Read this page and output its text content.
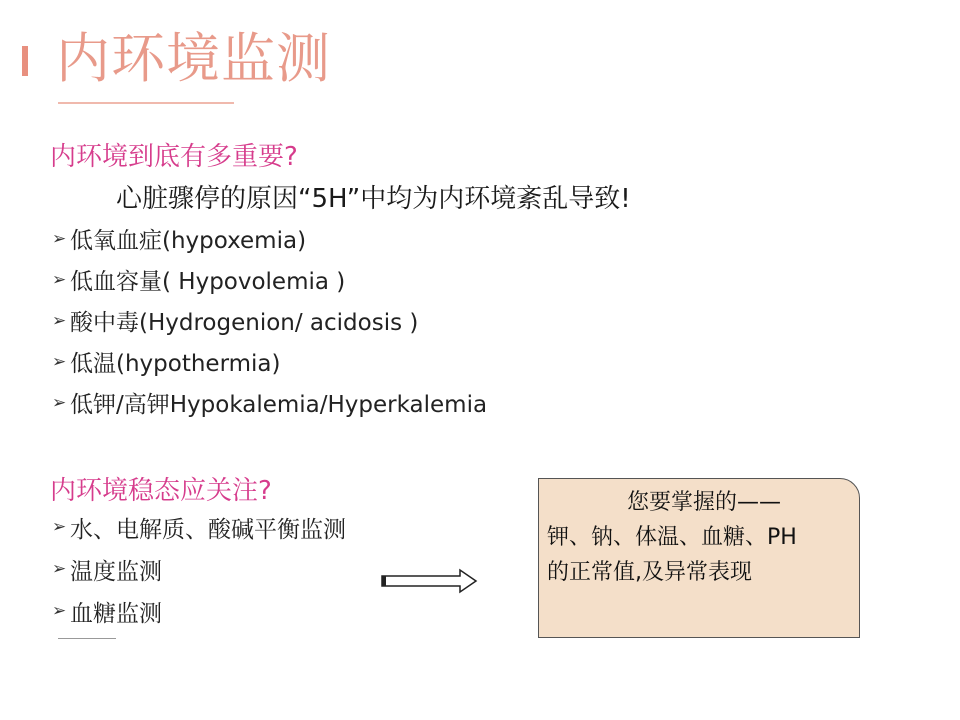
内环境监测
内环境到底有多重要?
心脏骤停的原因“5H”中均为内环境紊乱导致!
➢ 低氧血症(hypoxemia)
➢ 低血容量( Hypovolemia )
➢ 酸中毒(Hydrogenion/ acidosis )
➢ 低温(hypothermia)
➢ 低钾/高钾Hypokalemia/Hyperkalemia
内环境稳态应关注?
➢ 水、电解质、酸碱平衡监测
➢ 温度监测
➢ 血糖监测
您要掌握的——
钾、钠、体温、血糖、PH
的正常值,及异常表现
